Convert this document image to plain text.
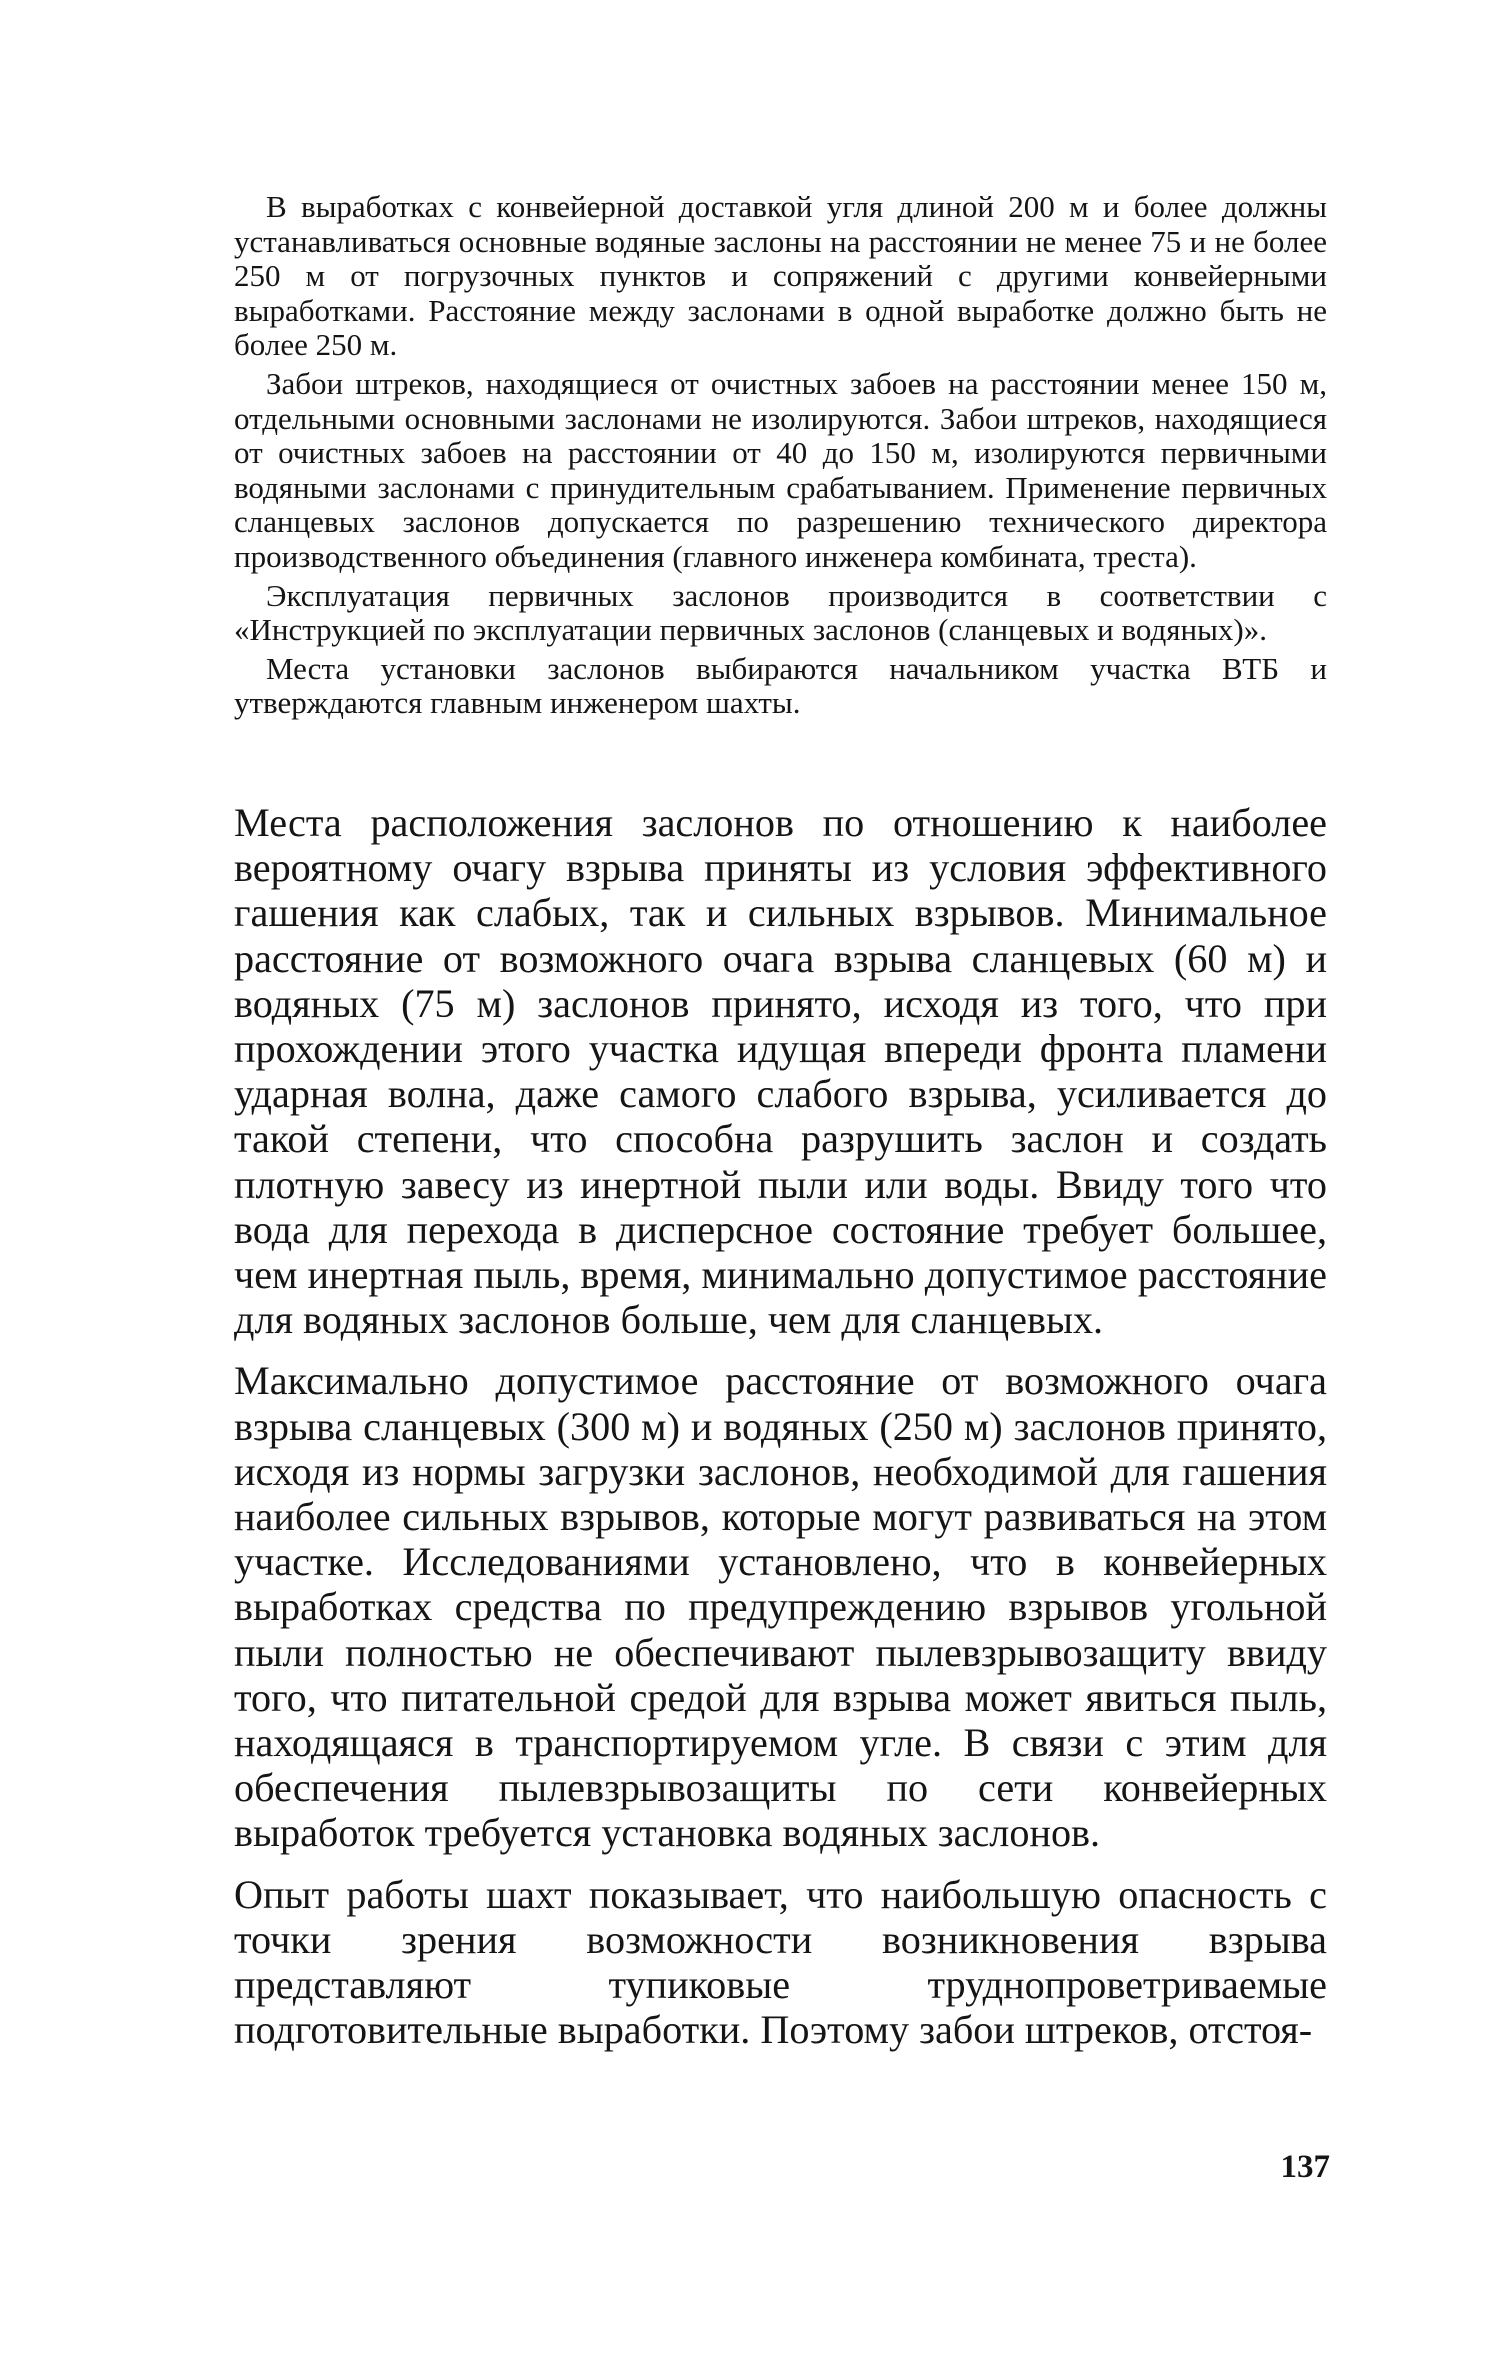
В выработках с конвейерной доставкой угля длиной 200 м и более должны устанавливаться основные водяные заслоны на расстоянии не менее 75 и не более 250 м от погрузочных пунктов и сопряжений с другими конвейерными выработками. Расстояние между заслонами в одной выработке должно быть не более 250 м.

Забои штреков, находящиеся от очистных забоев на расстоянии менее 150 м, отдельными основными заслонами не изолируются. Забои штреков, находящиеся от очистных забоев на расстоянии от 40 до 150 м, изолируются первичными водяными заслонами с принудительным срабатыванием. Применение первичных сланцевых заслонов допускается по разрешению технического директора производственного объединения (главного инженера комбината, треста).

Эксплуатация первичных заслонов производится в соответствии с «Инструкцией по эксплуатации первичных заслонов (сланцевых и водяных)».

Места установки заслонов выбираются начальником участка ВТБ и утверждаются главным инженером шахты.

Места расположения заслонов по отношению к наиболее вероятному очагу взрыва приняты из условия эффективного гашения как слабых, так и сильных взрывов. Минимальное расстояние от возможного очага взрыва сланцевых (60 м) и водяных (75 м) заслонов принято, исходя из того, что при прохождении этого участка идущая впереди фронта пламени ударная волна, даже самого слабого взрыва, усиливается до такой степени, что способна разрушить заслон и создать плотную завесу из инертной пыли или воды. Ввиду того что вода для перехода в дисперсное состояние требует большее, чем инертная пыль, время, минимально допустимое расстояние для водяных заслонов больше, чем для сланцевых.

Максимально допустимое расстояние от возможного очага взрыва сланцевых (300 м) и водяных (250 м) заслонов принято, исходя из нормы загрузки заслонов, необходимой для гашения наиболее сильных взрывов, которые могут развиваться на этом участке. Исследованиями установлено, что в конвейерных выработках средства по предупреждению взрывов угольной пыли полностью не обеспечивают пылевзрывозащиту ввиду того, что питательной средой для взрыва может явиться пыль, находящаяся в транспортируемом угле. В связи с этим для обеспечения пылевзрывозащиты по сети конвейерных выработок требуется установка водяных заслонов.

Опыт работы шахт показывает, что наибольшую опасность с точки зрения возможности возникновения взрыва представляют тупиковые труднопроветриваемые подготовительные выработки. Поэтому забои штреков, отстоя-

137
